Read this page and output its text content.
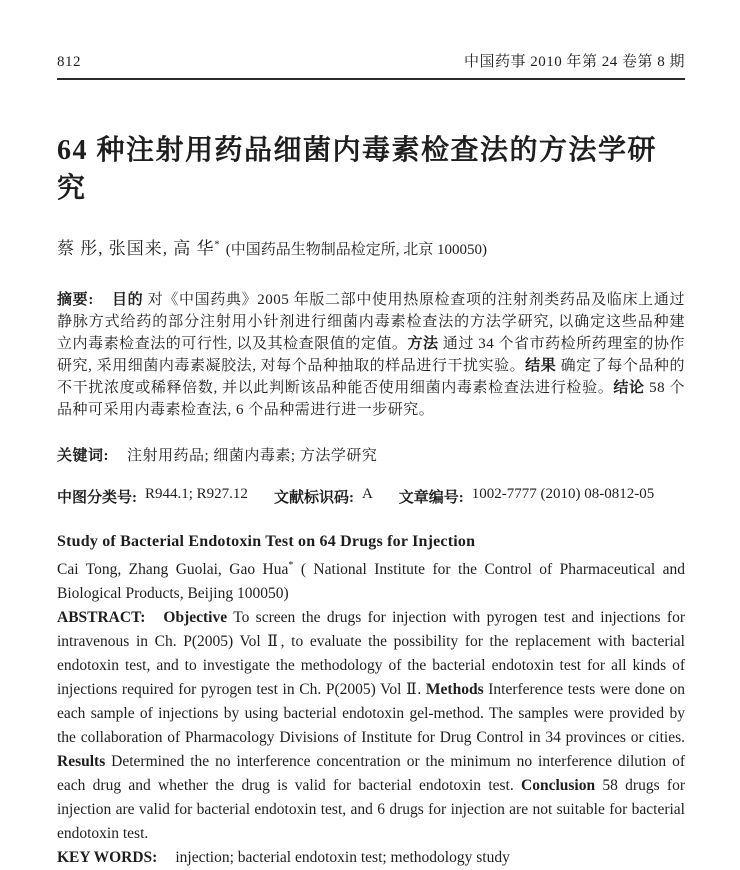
812	中国药事 2010 年第 24 卷第 8 期
64 种注射用药品细菌内毒素检查法的方法学研究

蔡 彤, 张国来, 高 华* (中国药品生物制品检定所, 北京 100050)

摘要: 目的 对《中国药典》2005 年版二部中使用热原检查项的注射剂类药品及临床上通过静脉方式给药的部分注射用小针剂进行细菌内毒素检查法的方法学研究, 以确定这些品种建立内毒素检查法的可行性, 以及其检查限值的定值。方法 通过 34 个省市药检所药理室的协作研究, 采用细菌内毒素凝胶法, 对每个品种抽取的样品进行干扰实验。结果 确定了每个品种的不干扰浓度或稀释倍数, 并以此判断该品种能否使用细菌内毒素检查法进行检验。结论 58 个品种可采用内毒素检查法, 6 个品种需进行进一步研究。

关键词: 注射用药品; 细菌内毒素; 方法学研究

中图分类号: R944.1; R927.12 文献标识码: A 文章编号: 1002-7777 (2010) 08-0812-05
Study of Bacterial Endotoxin Test on 64 Drugs for Injection

Cai Tong, Zhang Guolai, Gao Hua* ( National Institute for the Control of Pharmaceutical and Biological Products, Beijing 100050)

ABSTRACT: Objective To screen the drugs for injection with pyrogen test and injections for intravenous in Ch. P(2005) Vol Ⅱ, to evaluate the possibility for the replacement with bacterial endotoxin test, and to investigate the methodology of the bacterial endotoxin test for all kinds of injections required for pyrogen test in Ch. P(2005) Vol Ⅱ. Methods Interference tests were done on each sample of injections by using bacterial endotoxin gel-method. The samples were provided by the collaboration of Pharmacology Divisions of Institute for Drug Control in 34 provinces or cities. Results Determined the no interference concentration or the minimum no interference dilution of each drug and whether the drug is valid for bacterial endotoxin test. Conclusion 58 drugs for injection are valid for bacterial endotoxin test, and 6 drugs for injection are not suitable for bacterial endotoxin test.

KEY WORDS: injection; bacterial endotoxin test; methodology study
